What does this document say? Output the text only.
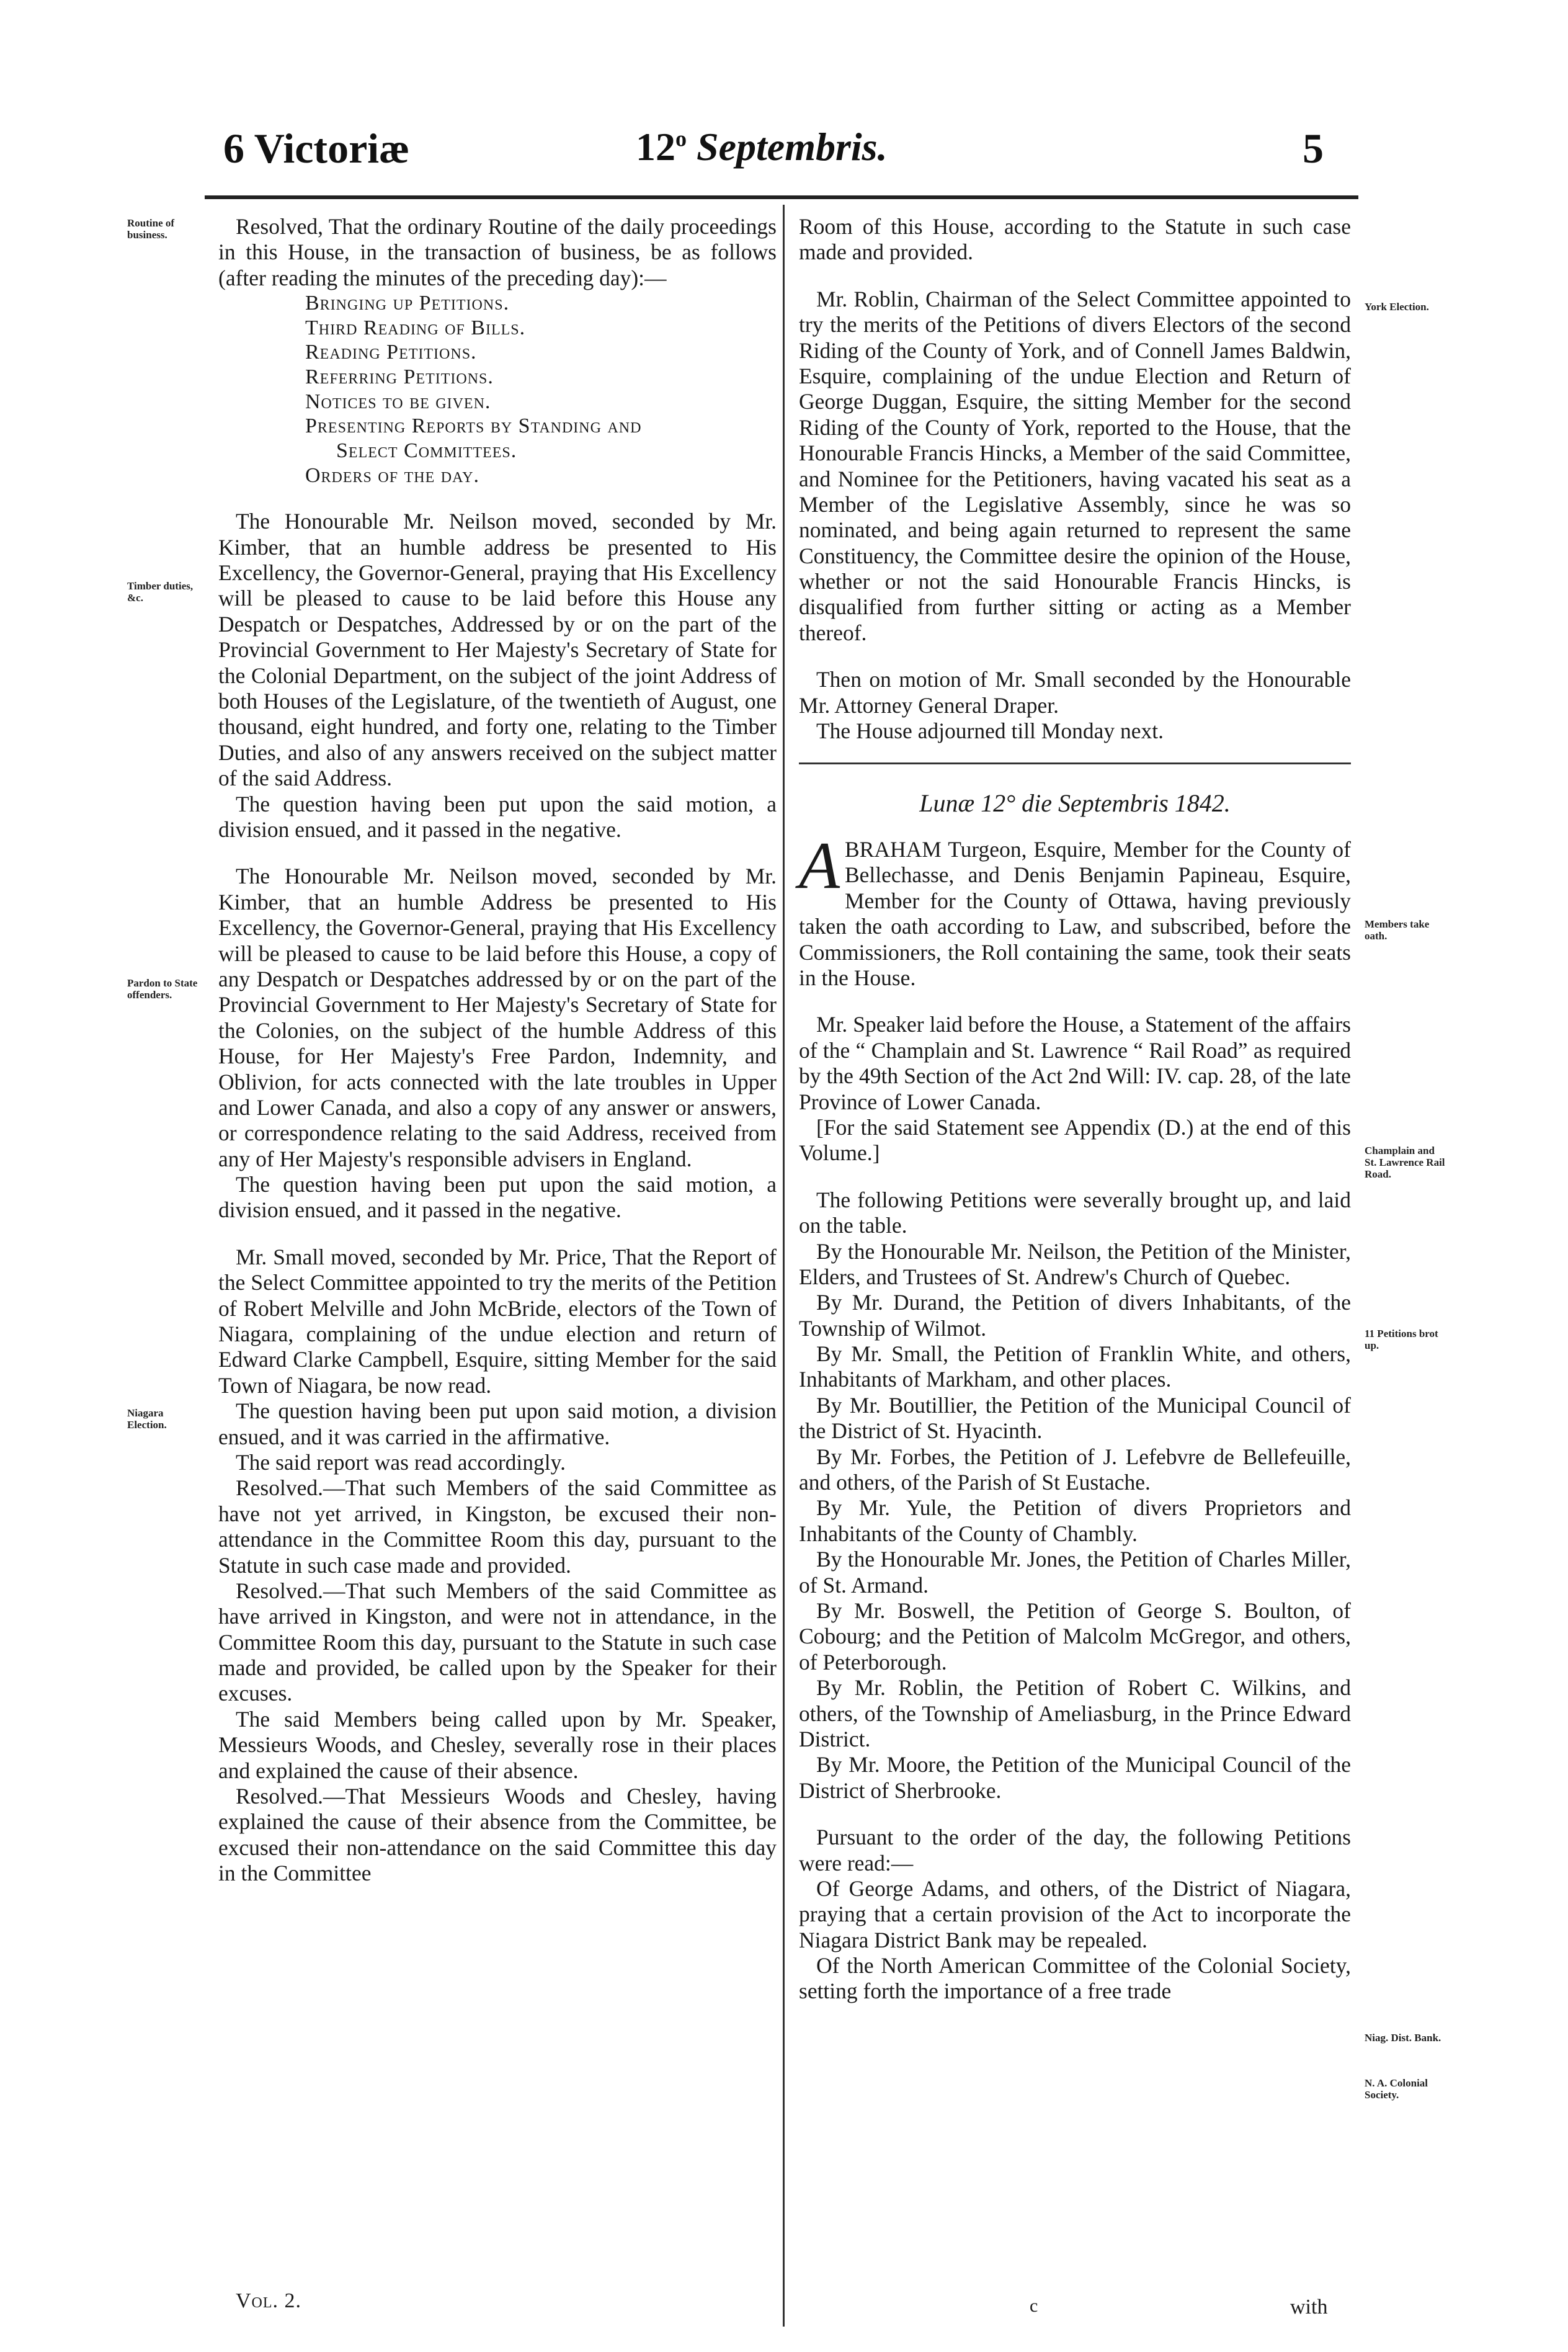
6 Victoriæ	12$^o$ Septembris.	5
Routine of business.
Timber duties, &c.
Pardon to State offenders.
Niagara Election.
York Election.
Members take oath.
Champlain and St. Lawrence Rail Road.
11 Petitions brot up.
Niag. Dist. Bank.
N. A. Colonial Society.

Resolved, That the ordinary Routine of the daily proceedings in this House, in the transaction of business, be as follows (after reading the minutes of the preceding day):—

Bringing up Petitions.

Third Reading of Bills.

Reading Petitions.

Referring Petitions.

Notices to be given.

Presenting Reports by Standing and

Select Committees.

Orders of the day.

The Honourable Mr. Neilson moved, seconded by Mr. Kimber, that an humble address be presented to His Excellency, the Governor-General, praying that His Excellency will be pleased to cause to be laid before this House any Despatch or Despatches, Addressed by or on the part of the Provincial Government to Her Majesty's Secretary of State for the Colonial Department, on the subject of the joint Address of both Houses of the Legislature, of the twentieth of August, one thousand, eight hundred, and forty one, relating to the Timber Duties, and also of any answers received on the subject matter of the said Address.

The question having been put upon the said motion, a division ensued, and it passed in the negative.

The Honourable Mr. Neilson moved, seconded by Mr. Kimber, that an humble Address be presented to His Excellency, the Governor-General, praying that His Excellency will be pleased to cause to be laid before this House, a copy of any Despatch or Despatches addressed by or on the part of the Provincial Government to Her Majesty's Secretary of State for the Colonies, on the subject of the humble Address of this House, for Her Majesty's Free Pardon, Indemnity, and Oblivion, for acts connected with the late troubles in Upper and Lower Canada, and also a copy of any answer or answers, or correspondence relating to the said Address, received from any of Her Majesty's responsible advisers in England.

The question having been put upon the said motion, a division ensued, and it passed in the negative.

Mr. Small moved, seconded by Mr. Price, That the Report of the Select Committee appointed to try the merits of the Petition of Robert Melville and John McBride, electors of the Town of Niagara, complaining of the undue election and return of Edward Clarke Campbell, Esquire, sitting Member for the said Town of Niagara, be now read.

The question having been put upon said motion, a division ensued, and it was carried in the affirmative.

The said report was read accordingly.

Resolved.—That such Members of the said Committee as have not yet arrived, in Kingston, be excused their non-attendance in the Committee Room this day, pursuant to the Statute in such case made and provided.

Resolved.—That such Members of the said Committee as have arrived in Kingston, and were not in attendance, in the Committee Room this day, pursuant to the Statute in such case made and provided, be called upon by the Speaker for their excuses.

The said Members being called upon by Mr. Speaker, Messieurs Woods, and Chesley, severally rose in their places and explained the cause of their absence.

Resolved.—That Messieurs Woods and Chesley, having explained the cause of their absence from the Committee, be excused their non-attendance on the said Committee this day in the Committee

Vol. 2.

Room of this House, according to the Statute in such case made and provided.

Mr. Roblin, Chairman of the Select Committee appointed to try the merits of the Petitions of divers Electors of the second Riding of the County of York, and of Connell James Baldwin, Esquire, complaining of the undue Election and Return of George Duggan, Esquire, the sitting Member for the second Riding of the County of York, reported to the House, that the Honourable Francis Hincks, a Member of the said Committee, and Nominee for the Petitioners, having vacated his seat as a Member of the Legislative Assembly, since he was so nominated, and being again returned to represent the same Constituency, the Committee desire the opinion of the House, whether or not the said Honourable Francis Hincks, is disqualified from further sitting or acting as a Member thereof.

Then on motion of Mr. Small seconded by the Honourable Mr. Attorney General Draper.

The House adjourned till Monday next.

Lunæ 12° die Septembris 1842.

ABRAHAM Turgeon, Esquire, Member for the County of Bellechasse, and Denis Benjamin Papineau, Esquire, Member for the County of Ottawa, having previously taken the oath according to Law, and subscribed, before the Commissioners, the Roll containing the same, took their seats in the House.

Mr. Speaker laid before the House, a Statement of the affairs of the “ Champlain and St. Lawrence “ Rail Road” as required by the 49th Section of the Act 2nd Will: IV. cap. 28, of the late Province of Lower Canada.

[For the said Statement see Appendix (D.) at the end of this Volume.]

The following Petitions were severally brought up, and laid on the table.

By the Honourable Mr. Neilson, the Petition of the Minister, Elders, and Trustees of St. Andrew's Church of Quebec.

By Mr. Durand, the Petition of divers Inhabitants, of the Township of Wilmot.

By Mr. Small, the Petition of Franklin White, and others, Inhabitants of Markham, and other places.

By Mr. Boutillier, the Petition of the Municipal Council of the District of St. Hyacinth.

By Mr. Forbes, the Petition of J. Lefebvre de Bellefeuille, and others, of the Parish of St Eustache.

By Mr. Yule, the Petition of divers Proprietors and Inhabitants of the County of Chambly.

By the Honourable Mr. Jones, the Petition of Charles Miller, of St. Armand.

By Mr. Boswell, the Petition of George S. Boulton, of Cobourg; and the Petition of Malcolm McGregor, and others, of Peterborough.

By Mr. Roblin, the Petition of Robert C. Wilkins, and others, of the Township of Ameliasburg, in the Prince Edward District.

By Mr. Moore, the Petition of the Municipal Council of the District of Sherbrooke.

Pursuant to the order of the day, the following Petitions were read:—

Of George Adams, and others, of the District of Niagara, praying that a certain provision of the Act to incorporate the Niagara District Bank may be repealed.

Of the North American Committee of the Colonial Society, setting forth the importance of a free trade

c	with
